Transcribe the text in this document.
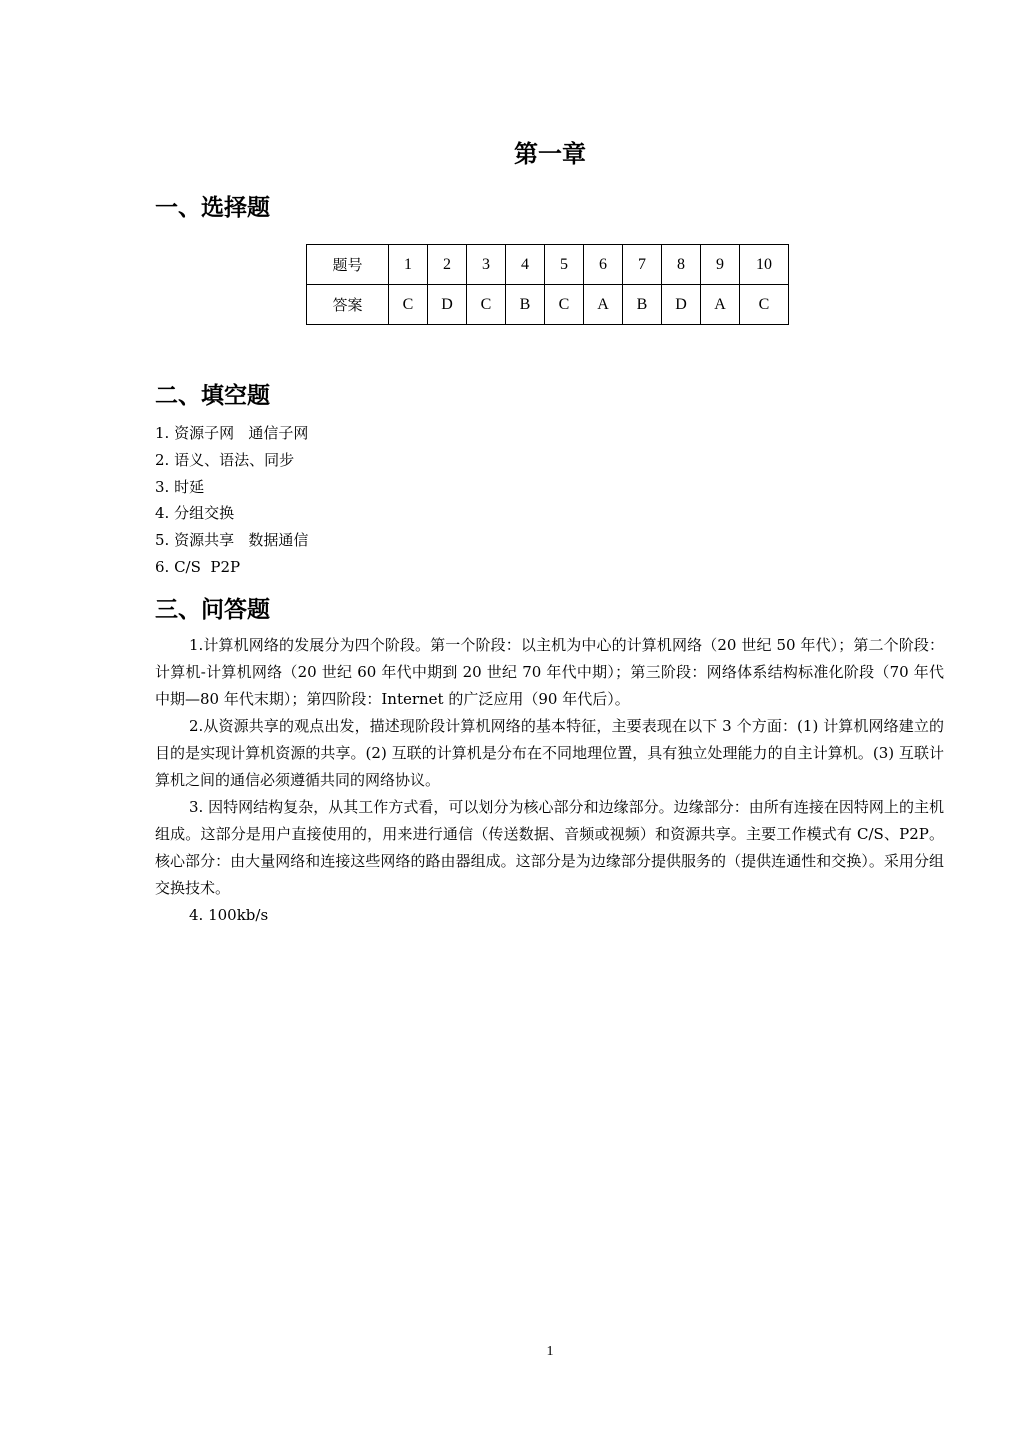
第一章
一、选择题
题号	1	2	3	4	5	6	7	8	9	10
答案	C	D	C	B	C	A	B	D	A	C
二、填空题
1. 资源子网   通信子网
2. 语义、语法、同步
3. 时延
4. 分组交换
5. 资源共享   数据通信
6. C/S  P2P
三、问答题

1.计算机网络的发展分为四个阶段。第一个阶段：以主机为中心的计算机网络（20 世纪 50 年代）；第二个阶段：计算机-计算机网络（20 世纪 60 年代中期到 20 世纪 70 年代中期）；第三阶段：网络体系结构标准化阶段（70 年代中期—80 年代末期）；第四阶段：Internet 的广泛应用（90 年代后）。

2.从资源共享的观点出发，描述现阶段计算机网络的基本特征，主要表现在以下 3 个方面：(1) 计算机网络建立的目的是实现计算机资源的共享。(2) 互联的计算机是分布在不同地理位置，具有独立处理能力的自主计算机。(3) 互联计算机之间的通信必须遵循共同的网络协议。

3. 因特网结构复杂，从其工作方式看，可以划分为核心部分和边缘部分。边缘部分：由所有连接在因特网上的主机组成。这部分是用户直接使用的，用来进行通信（传送数据、音频或视频）和资源共享。主要工作模式有 C/S、P2P。核心部分：由大量网络和连接这些网络的路由器组成。这部分是为边缘部分提供服务的（提供连通性和交换）。采用分组交换技术。

4. 100kb/s

1
